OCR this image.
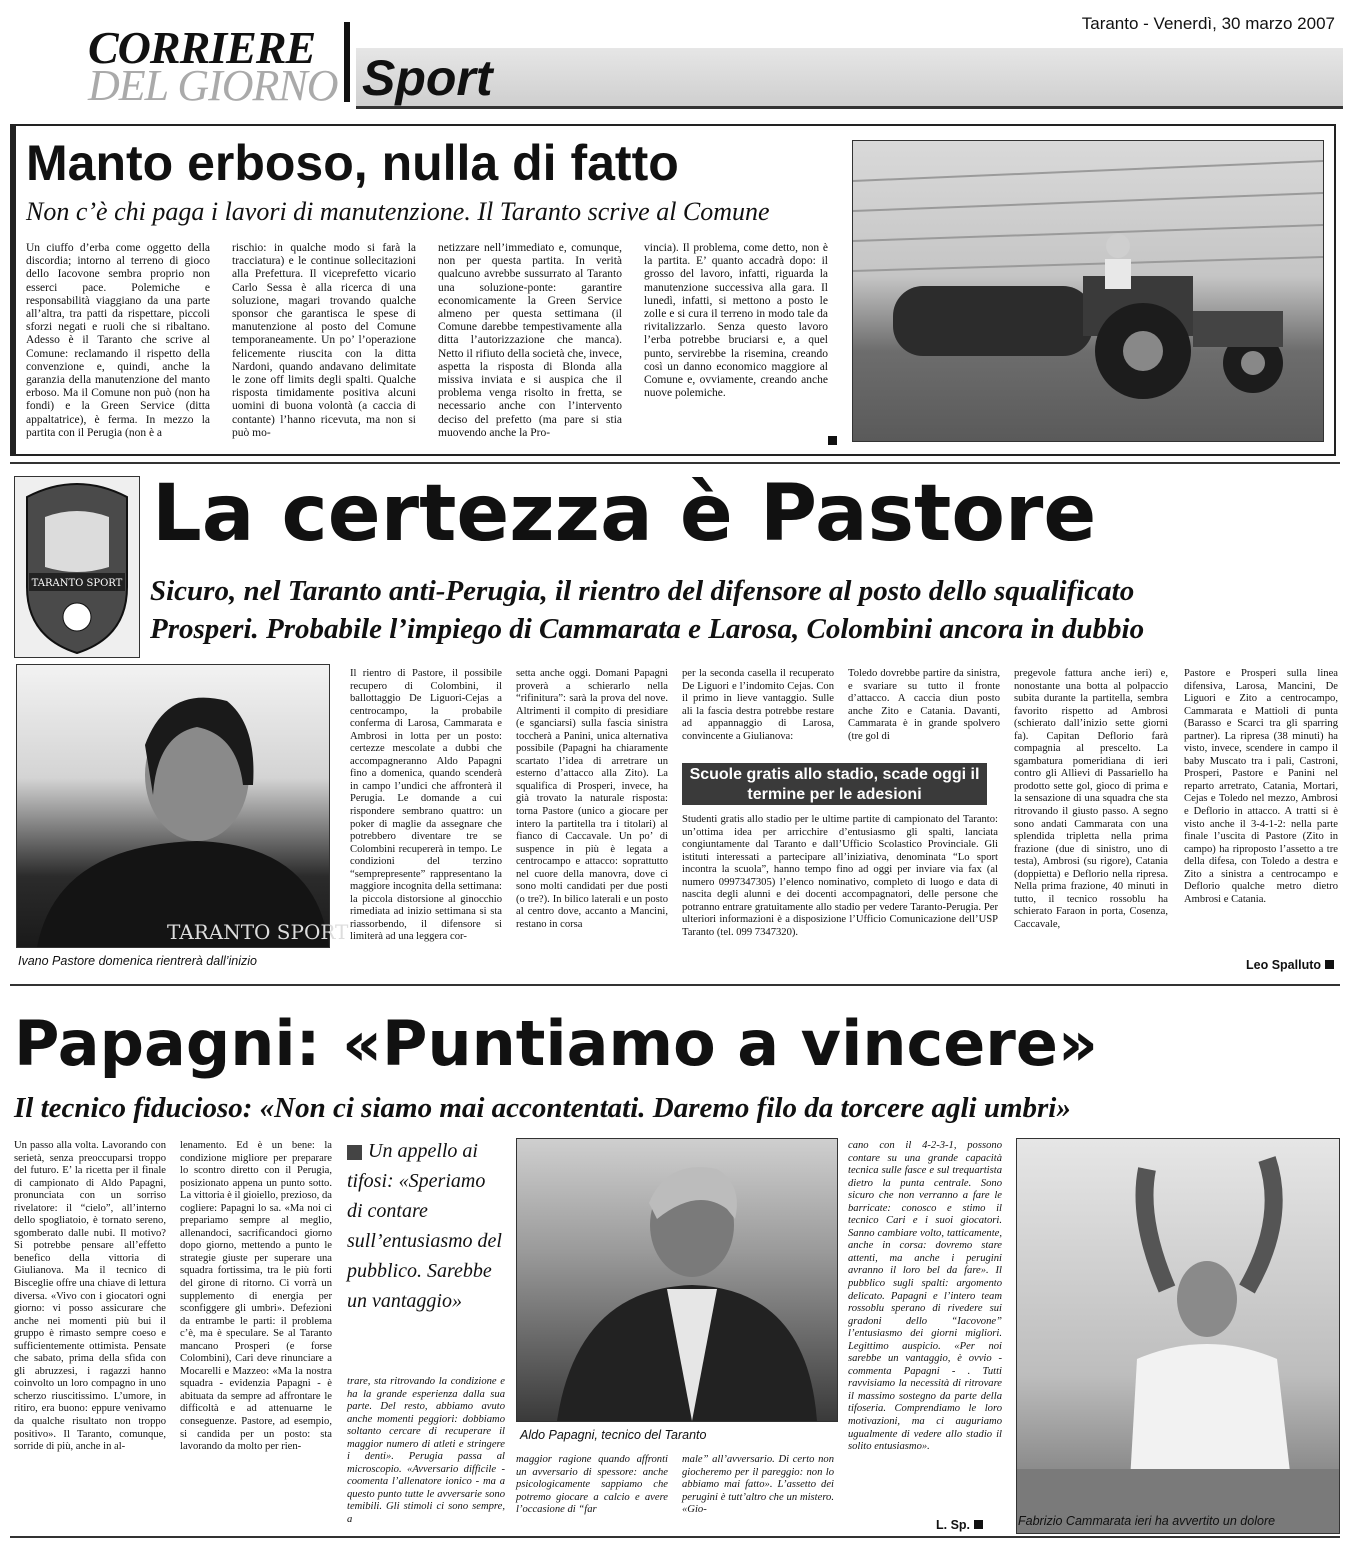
CORRIERE
DEL GIORNO Sport
Taranto - Venerdì, 30 marzo 2007
Manto erboso, nulla di fatto
Non c’è chi paga i lavori di manutenzione. Il Taranto scrive al Comune
Un ciuffo d’erba come oggetto della discordia; intorno al terreno di gioco dello Iacovone sembra proprio non esserci pace. Polemiche e responsabilità viaggiano da una parte all’altra, tra patti da rispettare, piccoli sforzi negati e ruoli che si ribaltano. Adesso è il Taranto che scrive al Comune: reclamando il rispetto della convenzione e, quindi, anche la garanzia della manutenzione del manto erboso. Ma il Comune non può (non ha fondi) e la Green Service (ditta appaltatrice), è ferma. In mezzo la partita con il Perugia (non è a
rischio: in qualche modo si farà la tracciatura) e le continue sollecitazioni alla Prefettura. Il viceprefetto vicario Carlo Sessa è alla ricerca di una soluzione, magari trovando qualche sponsor che garantisca le spese di manutenzione al posto del Comune temporaneamente. Un po’ l’operazione felicemente riuscita con la ditta Nardoni, quando andavano delimitate le zone off limits degli spalti. Qualche risposta timidamente positiva alcuni uomini di buona volontà (a caccia di contante) l’hanno ricevuta, ma non si può mo-
netizzare nell’immediato e, comunque, non per questa partita. In verità qualcuno avrebbe sussurrato al Taranto una soluzione-ponte: garantire economicamente la Green Service almeno per questa settimana (il Comune darebbe tempestivamente alla ditta l’autorizzazione che manca). Netto il rifiuto della società che, invece, aspetta la risposta di Blonda alla missiva inviata e si auspica che il problema venga risolto in fretta, se necessario anche con l’intervento deciso del prefetto (ma pare si stia muovendo anche la Pro-
vincia). Il problema, come detto, non è la partita. E’ quanto accadrà dopo: il grosso del lavoro, infatti, riguarda la manutenzione successiva alla gara. Il lunedì, infatti, si mettono a posto le zolle e si cura il terreno in modo tale da rivitalizzarlo. Senza questo lavoro l’erba potrebbe bruciarsi e, a quel punto, servirebbe la risemina, creando così un danno economico maggiore al Comune e, ovviamente, creando anche nuove polemiche.
TARANTO SPORT
La certezza è Pastore
Sicuro, nel Taranto anti-Perugia, il rientro del difensore al posto dello squalificato
Prosperi. Probabile l’impiego di Cammarata e Larosa, Colombini ancora in dubbio
TARANTO SPORT
Ivano Pastore domenica rientrerà dall’inizio
Il rientro di Pastore, il possibile recupero di Colombini, il ballottaggio De Liguori-Cejas a centrocampo, la probabile conferma di Larosa, Cammarata e Ambrosi in lotta per un posto: certezze mescolate a dubbi che accompagneranno Aldo Papagni fino a domenica, quando scenderà in campo l’undici che affronterà il Perugia. Le domande a cui rispondere sembrano quattro: un poker di maglie da assegnare che potrebbero diventare tre se Colombini recupererà in tempo. Le condizioni del terzino “semprepresente” rappresentano la maggiore incognita della settimana: la piccola distorsione al ginocchio rimediata ad inizio settimana si sta riassorbendo, il difensore si limiterà ad una leggera cor-
setta anche oggi. Domani Papagni proverà a schierarlo nella “rifinitura”: sarà la prova del nove. Altrimenti il compito di presidiare (e sganciarsi) sulla fascia sinistra toccherà a Panini, unica alternativa possibile (Papagni ha chiaramente scartato l’idea di arretrare un esterno d’attacco alla Zito). La squalifica di Prosperi, invece, ha già trovato la naturale risposta: torna Pastore (unico a giocare per intero la partitella tra i titolari) al fianco di Caccavale. Un po’ di suspence in più è legata a centrocampo e attacco: soprattutto nel cuore della manovra, dove ci sono molti candidati per due posti (o tre?). In bilico laterali e un posto al centro dove, accanto a Mancini, restano in corsa
per la seconda casella il recuperato De Liguori e l’indomito Cejas. Con il primo in lieve vantaggio. Sulle ali la fascia destra potrebbe restare ad appannaggio di Larosa, convincente a Giulianova:
Toledo dovrebbe partire da sinistra, e svariare su tutto il fronte d’attacco. A caccia diun posto anche Zito e Catania. Davanti, Cammarata è in grande spolvero (tre gol di
Scuole gratis allo stadio, scade oggi il termine per le adesioni
Studenti gratis allo stadio per le ultime partite di campionato del Taranto: un’ottima idea per arricchire d’entusiasmo gli spalti, lanciata congiuntamente dal Taranto e dall’Ufficio Scolastico Provinciale. Gli istituti interessati a partecipare all’iniziativa, denominata “Lo sport incontra la scuola”, hanno tempo fino ad oggi per inviare via fax (al numero 0997347305) l’elenco nominativo, completo di luogo e data di nascita degli alunni e dei docenti accompagnatori, delle persone che potranno entrare gratuitamente allo stadio per vedere Taranto-Perugia. Per ulteriori informazioni è a disposizione l’Ufficio Comunicazione dell’USP Taranto (tel. 099 7347320).
pregevole fattura anche ieri) e, nonostante una botta al polpaccio subita durante la partitella, sembra favorito rispetto ad Ambrosi (schierato dall’inizio sette giorni fa). Capitan Deflorio farà compagnia al prescelto. La sgambatura pomeridiana di ieri contro gli Allievi di Passariello ha prodotto sette gol, gioco di prima e la sensazione di una squadra che sta ritrovando il giusto passo. A segno sono andati Cammarata con una splendida tripletta nella prima frazione (due di sinistro, uno di testa), Ambrosi (su rigore), Catania (doppietta) e Deflorio nella ripresa. Nella prima frazione, 40 minuti in tutto, il tecnico rossoblu ha schierato Faraon in porta, Cosenza, Caccavale,
Pastore e Prosperi sulla linea difensiva, Larosa, Mancini, De Liguori e Zito a centrocampo, Cammarata e Mattioli di punta (Barasso e Scarci tra gli sparring partner). La ripresa (38 minuti) ha visto, invece, scendere in campo il baby Muscato tra i pali, Castroni, Prosperi, Pastore e Panini nel reparto arretrato, Catania, Mortari, Cejas e Toledo nel mezzo, Ambrosi e Deflorio in attacco. A tratti si è visto anche il 3-4-1-2: nella parte finale l’uscita di Pastore (Zito in campo) ha riproposto l’assetto a tre della difesa, con Toledo a destra e Zito a sinistra a centrocampo e Deflorio qualche metro dietro Ambrosi e Catania.
Leo Spalluto
Papagni: «Puntiamo a vincere»
Il tecnico fiducioso: «Non ci siamo mai accontentati. Daremo filo da torcere agli umbri»
Un passo alla volta. Lavorando con serietà, senza preoccuparsi troppo del futuro. E’ la ricetta per il finale di campionato di Aldo Papagni, pronunciata con un sorriso rivelatore: il “cielo”, all’interno dello spogliatoio, è tornato sereno, sgomberato dalle nubi. Il motivo? Si potrebbe pensare all’effetto benefico della vittoria di Giulianova. Ma il tecnico di Bisceglie offre una chiave di lettura diversa. «Vivo con i giocatori ogni giorno: vi posso assicurare che anche nei momenti più bui il gruppo è rimasto sempre coeso e sufficientemente ottimista. Pensate che sabato, prima della sfida con gli abruzzesi, i ragazzi hanno coinvolto un loro compagno in uno scherzo riuscitissimo. L’umore, in ritiro, era buono: eppure venivamo da qualche risultato non troppo positivo». Il Taranto, comunque, sorride di più, anche in al-
lenamento. Ed è un bene: la condizione migliore per preparare lo scontro diretto con il Perugia, posizionato appena un punto sotto. La vittoria è il gioiello, prezioso, da cogliere: Papagni lo sa. «Ma noi ci prepariamo sempre al meglio, allenandoci, sacrificandoci giorno dopo giorno, mettendo a punto le strategie giuste per superare una squadra fortissima, tra le più forti del girone di ritorno. Ci vorrà un supplemento di energia per sconfiggere gli umbri». Defezioni da entrambe le parti: il problema c’è, ma è speculare. Se al Taranto mancano Prosperi (e forse Colombini), Cari deve rinunciare a Mocarelli e Mazzeo: «Ma la nostra squadra - evidenzia Papagni - è abituata da sempre ad affrontare le difficoltà e ad attenuarne le conseguenze. Pastore, ad esempio, si candida per un posto: sta lavorando da molto per rien-
Un appello ai tifosi: «Speriamo di contare sull’entusiasmo del pubblico. Sarebbe un vantaggio»
trare, sta ritrovando la condizione e ha la grande esperienza dalla sua parte. Del resto, abbiamo avuto anche momenti peggiori: dobbiamo soltanto cercare di recuperare il maggior numero di atleti e stringere i denti». Perugia passa al microscopio. «Avversario difficile - coomenta l’allenatore ionico - ma a questo punto tutte le avversarie sono temibili. Gli stimoli ci sono sempre, a
Aldo Papagni, tecnico del Taranto
maggior ragione quando affronti un avversario di spessore: anche psicologicamente sappiamo che potremo giocare a calcio e avere l’occasione di “far
male” all’avversario. Di certo non giocheremo per il pareggio: non lo abbiamo mai fatto». L’assetto dei perugini è tutt’altro che un mistero. «Gio-
cano con il 4-2-3-1, possono contare su una grande capacità tecnica sulle fasce e sul trequartista dietro la punta centrale. Sono sicuro che non verranno a fare le barricate: conosco e stimo il tecnico Cari e i suoi giocatori. Sanno cambiare volto, tatticamente, anche in corsa: dovremo stare attenti, ma anche i perugini avranno il loro bel da fare». Il pubblico sugli spalti: argomento delicato. Papagni e l’intero team rossoblu sperano di rivedere sui gradoni dello “Iacovone” l’entusiasmo dei giorni migliori. Legittimo auspicio. «Per noi sarebbe un vantaggio, è ovvio - commenta Papagni - . Tutti ravvisiamo la necessità di ritrovare il massimo sostegno da parte della tifoseria. Comprendiamo le loro motivazioni, ma ci auguriamo ugualmente di vedere allo stadio il solito entusiasmo».
L. Sp.	Fabrizio Cammarata ieri ha avvertito un dolore
